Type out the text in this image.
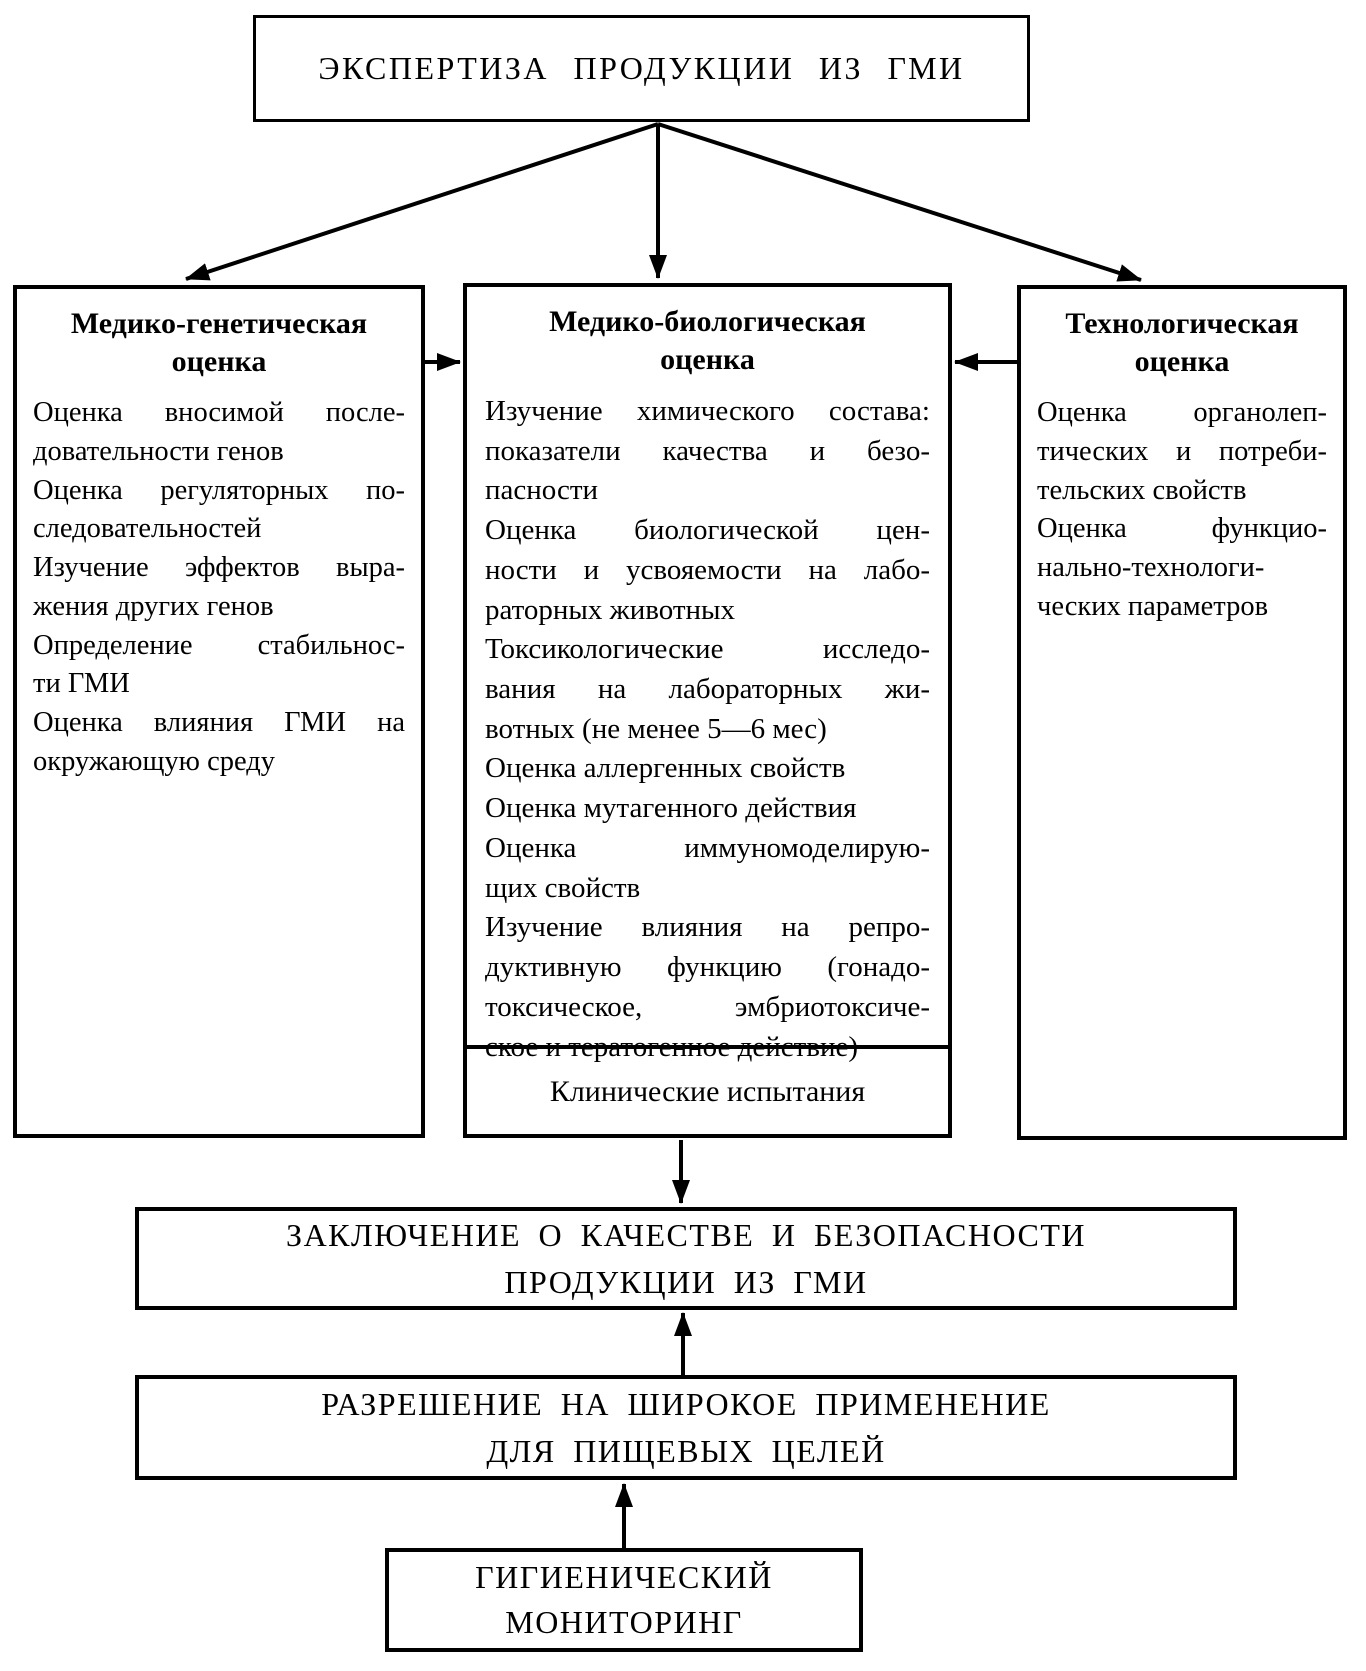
ЭКСПЕРТИЗА ПРОДУКЦИИ ИЗ ГМИ
Медико-генетическая
оценка
Оценка вносимой после-
довательности генов
Оценка регуляторных по-
следовательностей
Изучение эффектов выра-
жения других генов
Определение стабильнос-
ти ГМИ
Оценка влияния ГМИ на
окружающую среду
Медико-биологическая
оценка
Изучение химического состава:
показатели качества и безо-
пасности
Оценка биологической цен-
ности и усвояемости на лабо-
раторных животных
Токсикологические исследо-
вания на лабораторных жи-
вотных (не менее 5—6 мес)
Оценка аллергенных свойств
Оценка мутагенного действия
Оценка иммуномоделирую-
щих свойств
Изучение влияния на репро-
дуктивную функцию (гонадо-
токсическое, эмбриотоксиче-
ское и тератогенное действие)
Клинические испытания
Технологическая
оценка
Оценка органолеп-
тических и потреби-
тельских свойств
Оценка функцио-
нально-технологи-
ческих параметров
ЗАКЛЮЧЕНИЕ О КАЧЕСТВЕ И БЕЗОПАСНОСТИ
ПРОДУКЦИИ ИЗ ГМИ
РАЗРЕШЕНИЕ НА ШИРОКОЕ ПРИМЕНЕНИЕ
ДЛЯ ПИЩЕВЫХ ЦЕЛЕЙ
ГИГИЕНИЧЕСКИЙ
МОНИТОРИНГ
